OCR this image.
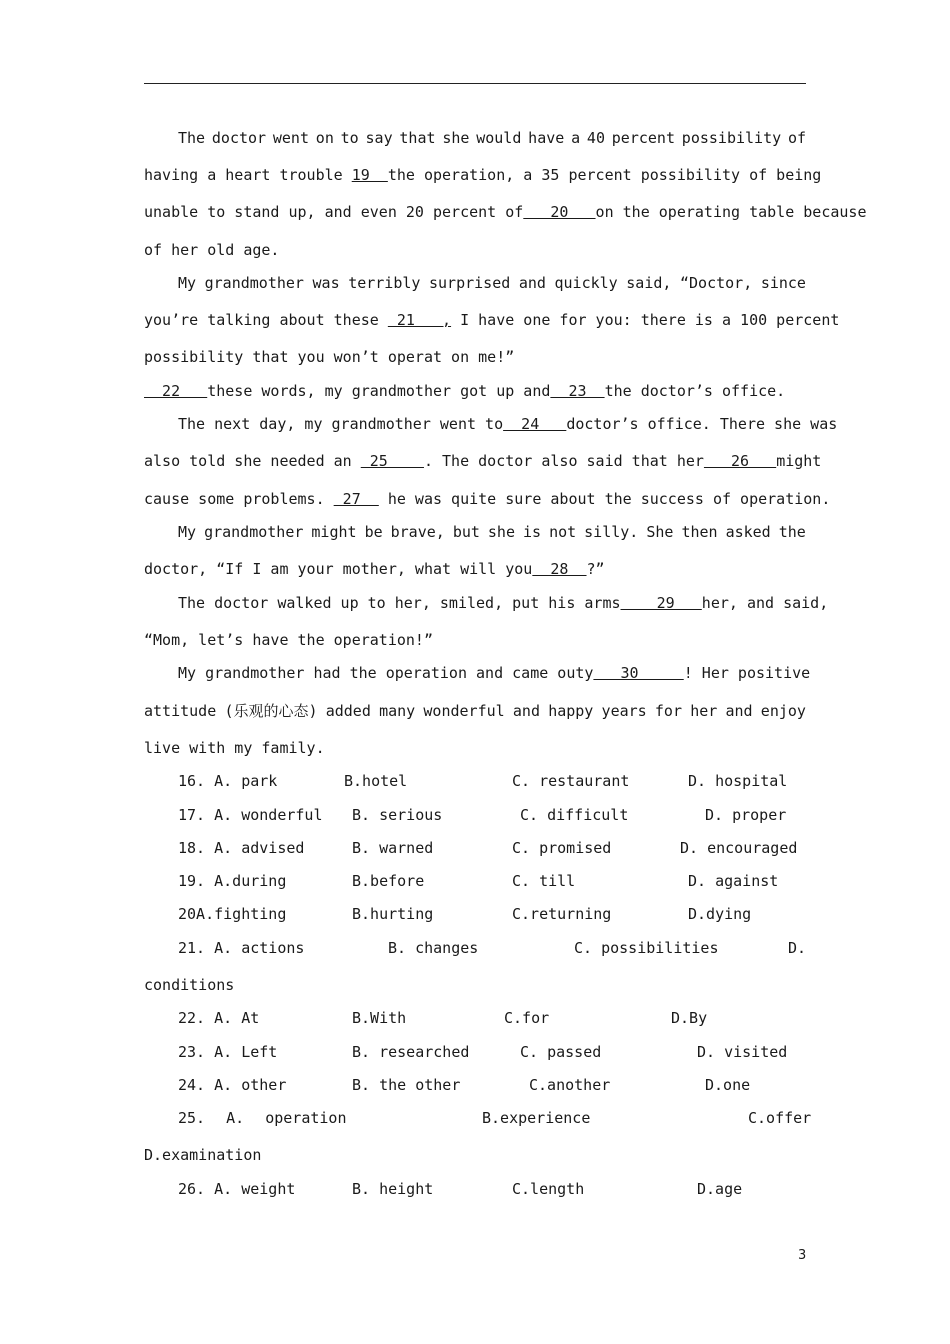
The doctor went on to say that she would have a 40 percent possibility of
having a heart trouble 19 the operation, a 35 percent possibility of being
unable to stand up, and even 20 percent of 20 on the operating table because
of her old age.
My grandmother was terribly surprised and quickly said, “Doctor, since
you’re talking about these 21   , I have one for you: there is a 100 percent
possibility that you won’t operat on me!”
22   these words, my grandmother got up and  23  the doctor’s office.
The next day, my grandmother went to 24 doctor’s office. There she was
also told she needed an 25 . The doctor also said that her 26 might
cause some problems.  27   he was quite sure about the success of operation.
My grandmother might be brave, but she is not silly. She then asked the
doctor, “If I am your mother, what will you  28  ?”
The doctor walked up to her, smiled, put his arms 29 her, and said,
“Mom, let’s have the operation!”
My grandmother had the operation and came outy 30 ! Her positive
attitude (乐观的心态) added many wonderful and happy years for her and enjoy
live with my family.
16. A. park	B.hotel	C. restaurant	D. hospital
17. A. wonderful B. serious	C. difficult	D. proper
18. A. advised	B. warned	C. promised	D. encouraged
19. A.during	B.before	C. till	D. against
20A.fighting	B.hurting	C.returning	D.dying
21. A. actions	B. changes	C. possibilities	D.
conditions
22. A. At	B.With	C.for	D.By
23. A. Left	B. researched	C. passed	D. visited
24. A. other	B. the other	C.another	D.one
25. A. operation	B.experience	C.offer
D.examination
26. A. weight	B. height	C.length	D.age
3
